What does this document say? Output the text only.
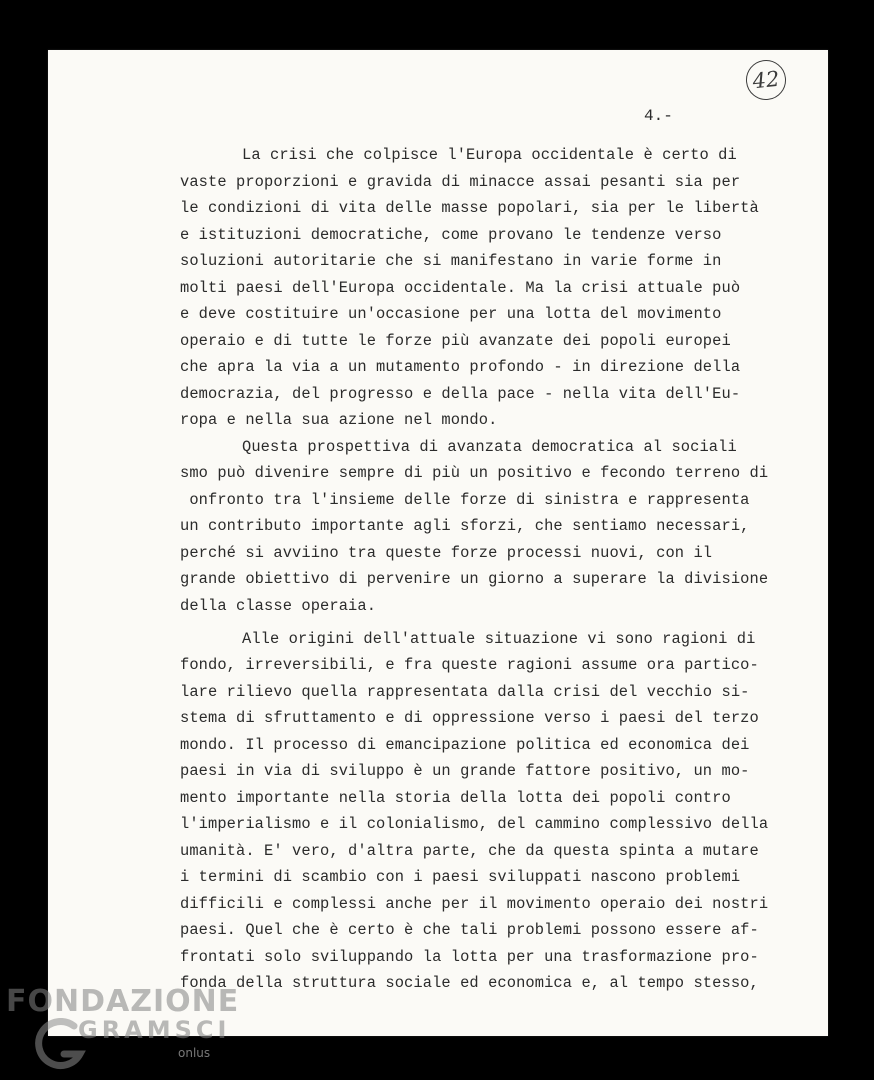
42
4.-
La crisi che colpisce l'Europa occidentale è certo di
vaste proporzioni e gravida di minacce assai pesanti sia per
le condizioni di vita delle masse popolari, sia per le libertà
e istituzioni democratiche, come provano le tendenze verso
soluzioni autoritarie che si manifestano in varie forme in
molti paesi dell'Europa occidentale. Ma la crisi attuale può
e deve costituire un'occasione per una lotta del movimento
operaio e di tutte le forze più avanzate dei popoli europei
che apra la via a un mutamento profondo - in direzione della
democrazia, del progresso e della pace - nella vita dell'Eu-
ropa e nella sua azione nel mondo.
Questa prospettiva di avanzata democratica al sociali
smo può divenire sempre di più un positivo e fecondo terreno di
onfronto tra l'insieme delle forze di sinistra e rappresenta
un contributo importante agli sforzi, che sentiamo necessari,
perché si avviino tra queste forze processi nuovi, con il
grande obiettivo di pervenire un giorno a superare la divisione
della classe operaia.
Alle origini dell'attuale situazione vi sono ragioni di
fondo, irreversibili, e fra queste ragioni assume ora partico-
lare rilievo quella rappresentata dalla crisi del vecchio si-
stema di sfruttamento e di oppressione verso i paesi del terzo
mondo. Il processo di emancipazione politica ed economica dei
paesi in via di sviluppo è un grande fattore positivo, un mo-
mento importante nella storia della lotta dei popoli contro
l'imperialismo e il colonialismo, del cammino complessivo della
umanità. E' vero, d'altra parte, che da questa spinta a mutare
i termini di scambio con i paesi sviluppati nascono problemi
difficili e complessi anche per il movimento operaio dei nostri
paesi. Quel che è certo è che tali problemi possono essere af-
frontati solo sviluppando la lotta per una trasformazione pro-
fonda della struttura sociale ed economica e, al tempo stesso,
FONDAZIONE
GRAMSCI
onlus
